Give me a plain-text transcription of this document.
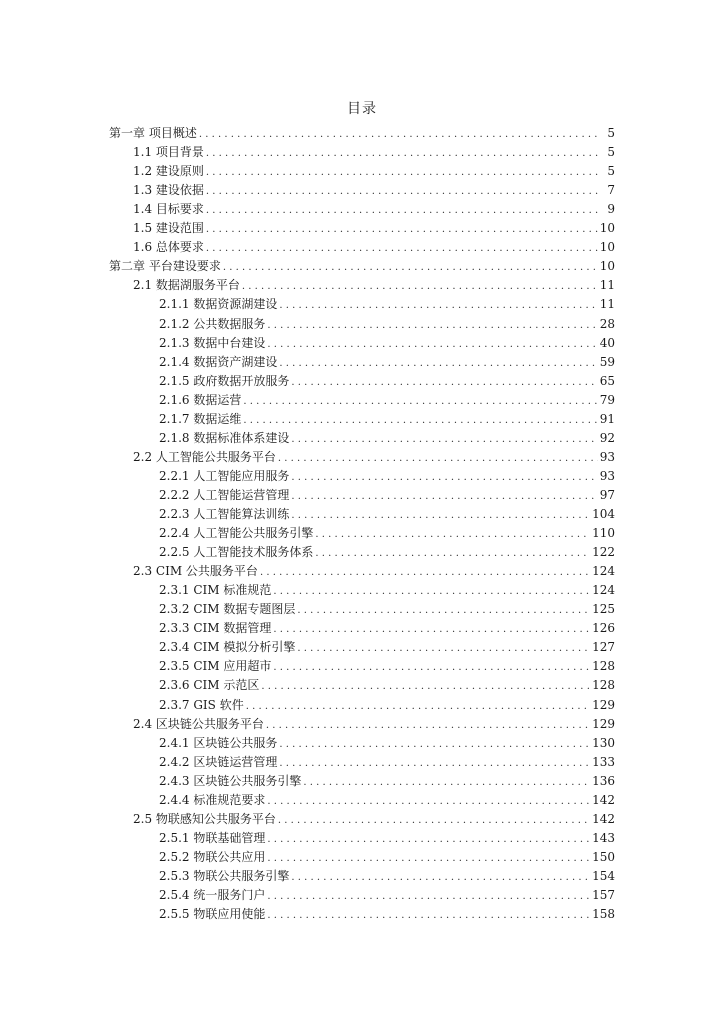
目录
第一章 项目概述 .....	5
1.1 项目背景 .....	5
1.2 建设原则 .....	5
1.3 建设依据 .....	7
1.4 目标要求 .....	9
1.5 建设范围 .....	10
1.6 总体要求 .....	10
第二章 平台建设要求 .....	10
2.1 数据湖服务平台 .....	11
2.1.1 数据资源湖建设 .....	11
2.1.2 公共数据服务 .....	28
2.1.3 数据中台建设 .....	40
2.1.4 数据资产湖建设 .....	59
2.1.5 政府数据开放服务 .....	65
2.1.6 数据运营 .....	79
2.1.7 数据运维 .....	91
2.1.8 数据标准体系建设 .....	92
2.2 人工智能公共服务平台 .....	93
2.2.1 人工智能应用服务 .....	93
2.2.2 人工智能运营管理 .....	97
2.2.3 人工智能算法训练 .....	104
2.2.4 人工智能公共服务引擎 .....	110
2.2.5 人工智能技术服务体系 .....	122
2.3 CIM 公共服务平台 .....	124
2.3.1 CIM 标准规范 .....	124
2.3.2 CIM 数据专题图层 .....	125
2.3.3 CIM 数据管理 .....	126
2.3.4 CIM 模拟分析引擎 .....	127
2.3.5 CIM 应用超市 .....	128
2.3.6 CIM 示范区 .....	128
2.3.7 GIS 软件 .....	129
2.4 区块链公共服务平台 .....	129
2.4.1 区块链公共服务 .....	130
2.4.2 区块链运营管理 .....	133
2.4.3 区块链公共服务引擎 .....	136
2.4.4 标准规范要求 .....	142
2.5 物联感知公共服务平台 .....	142
2.5.1 物联基础管理 .....	143
2.5.2 物联公共应用 .....	150
2.5.3 物联公共服务引擎 .....	154
2.5.4 统一服务门户 .....	157
2.5.5 物联应用使能 .....	158
